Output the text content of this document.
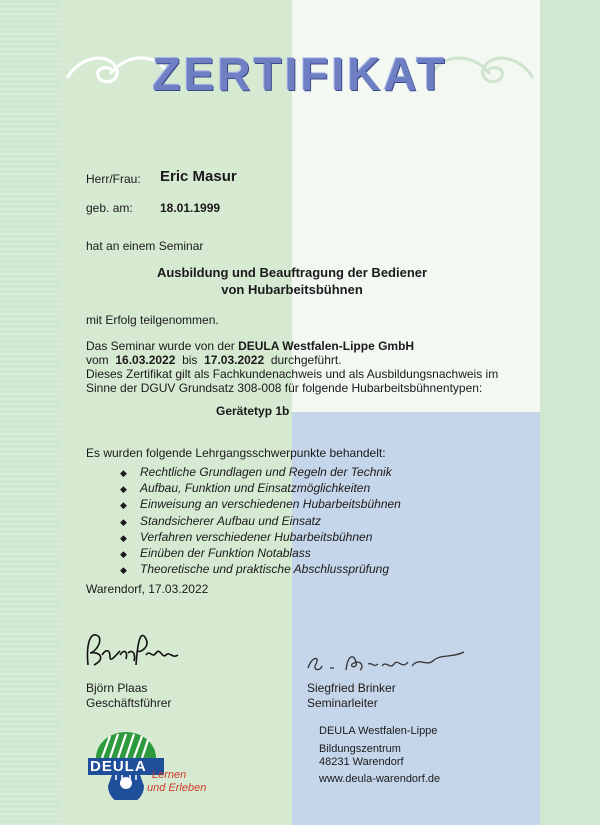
ZERTIFIKAT
Herr/Frau: Eric Masur
geb. am: 18.01.1999
hat an einem Seminar
Ausbildung und Beauftragung der Bediener
von Hubarbeitsbühnen
mit Erfolg teilgenommen.
Das Seminar wurde von der DEULA Westfalen-Lippe GmbH
vom 16.03.2022 bis 17.03.2022 durchgeführt.
Dieses Zertifikat gilt als Fachkundenachweis und als Ausbildungsnachweis im
Sinne der DGUV Grundsatz 308-008 für folgende Hubarbeitsbühnentypen:
Gerätetyp 1b
Es wurden folgende Lehrgangsschwerpunkte behandelt:
◆ Rechtliche Grundlagen und Regeln der Technik
◆ Aufbau, Funktion und Einsatzmöglichkeiten
◆ Einweisung an verschiedenen Hubarbeitsbühnen
◆ Standsicherer Aufbau und Einsatz
◆ Verfahren verschiedener Hubarbeitsbühnen
◆ Einüben der Funktion Notablass
◆ Theoretische und praktische Abschlussprüfung
Warendorf, 17.03.2022
Björn Plaas
Geschäftsführer
Siegfried Brinker
Seminarleiter
DEULA Westfalen-Lippe
Bildungszentrum
48231 Warendorf
www.deula-warendorf.de
DEULA Lernen
und Erleben
